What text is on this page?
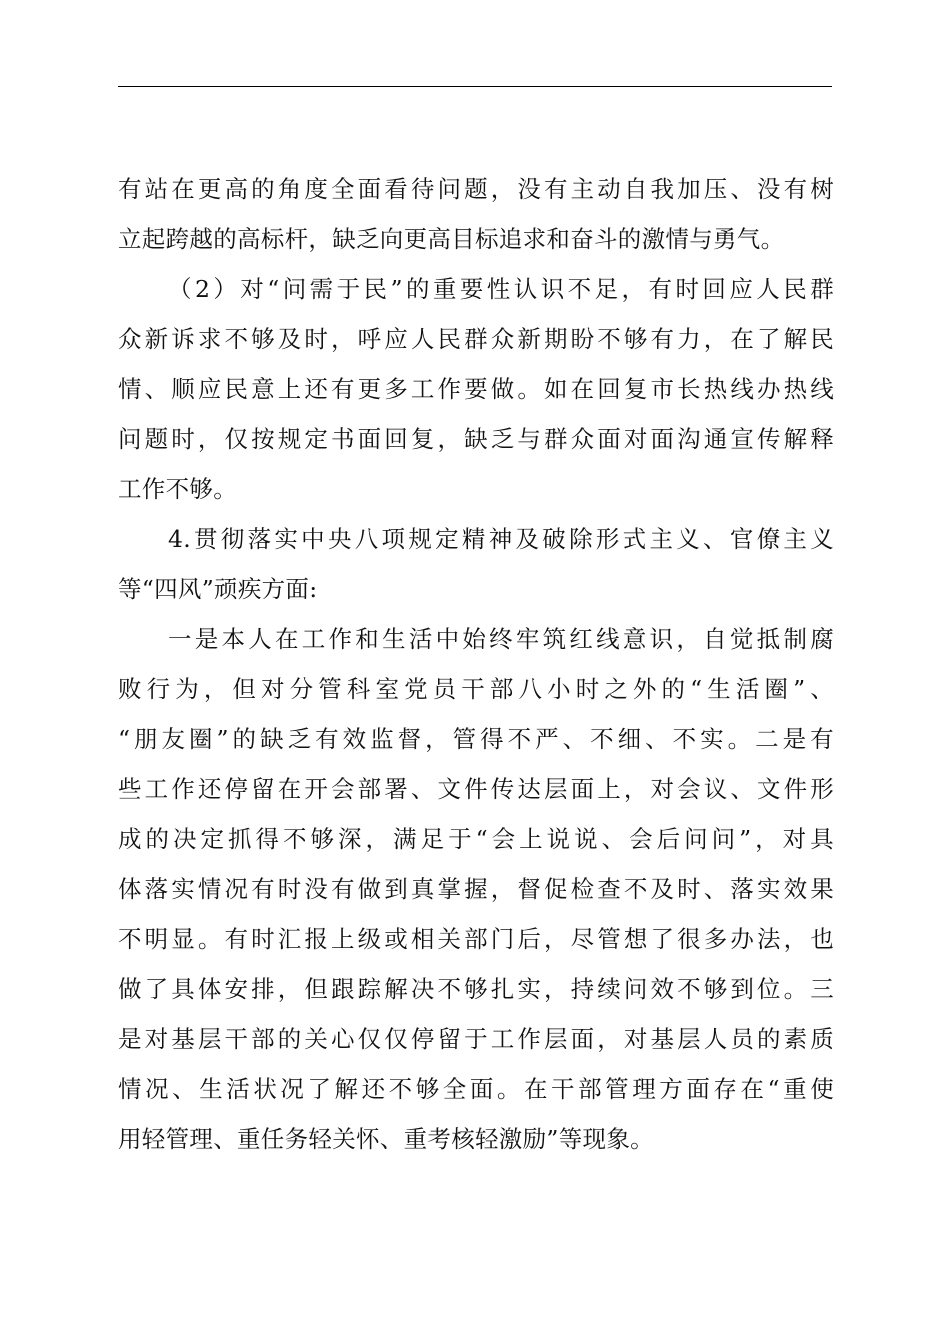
有站在更高的角度全面看待问题，没有主动自我加压、没有树
立起跨越的高标杆，缺乏向更高目标追求和奋斗的激情与勇气。
（2）对“问需于民”的重要性认识不足，有时回应人民群
众新诉求不够及时，呼应人民群众新期盼不够有力，在了解民
情、顺应民意上还有更多工作要做。如在回复市长热线办热线
问题时，仅按规定书面回复，缺乏与群众面对面沟通宣传解释
工作不够。
4.贯彻落实中央八项规定精神及破除形式主义、官僚主义
等“四风”顽疾方面:
一是本人在工作和生活中始终牢筑红线意识，自觉抵制腐
败行为，但对分管科室党员干部八小时之外的“生活圈”、
“朋友圈”的缺乏有效监督，管得不严、不细、不实。二是有
些工作还停留在开会部署、文件传达层面上，对会议、文件形
成的决定抓得不够深，满足于“会上说说、会后问问”，对具
体落实情况有时没有做到真掌握，督促检查不及时、落实效果
不明显。有时汇报上级或相关部门后，尽管想了很多办法，也
做了具体安排，但跟踪解决不够扎实，持续问效不够到位。三
是对基层干部的关心仅仅停留于工作层面，对基层人员的素质
情况、生活状况了解还不够全面。在干部管理方面存在“重使
用轻管理、重任务轻关怀、重考核轻激励”等现象。
